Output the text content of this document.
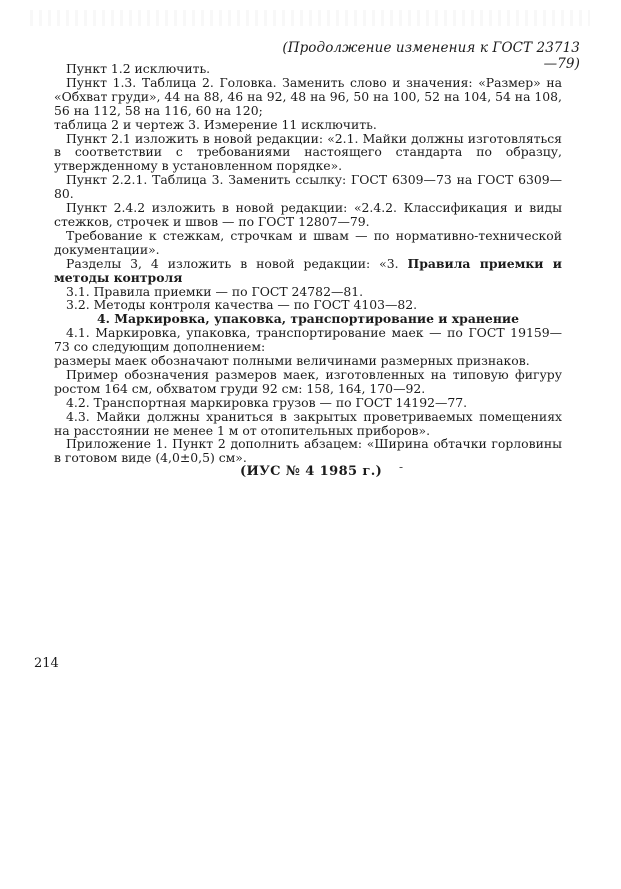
(Продолжение изменения к ГОСТ 23713—79)

Пункт 1.2 исключить.

Пункт 1.3. Таблица 2. Головка. Заменить слово и значения: «Размер» на «Обхват груди», 44 на 88, 46 на 92, 48 на 96, 50 на 100, 52 на 104, 54 на 108, 56 на 112, 58 на 116, 60 на 120;

таблица 2 и чертеж 3. Измерение 11 исключить.

Пункт 2.1 изложить в новой редакции: «2.1. Майки должны изготовляться в соответствии с требованиями настоящего стандарта по образцу, утвержденному в установленном порядке».

Пункт 2.2.1. Таблица 3. Заменить ссылку: ГОСТ 6309—73 на ГОСТ 6309—80.

Пункт 2.4.2 изложить в новой редакции: «2.4.2. Классификация и виды стежков, строчек и швов — по ГОСТ 12807—79.

Требование к стежкам, строчкам и швам — по нормативно-технической документации».

Разделы 3, 4 изложить в новой редакции: «3. Правила приемки и методы контроля

3.1. Правила приемки — по ГОСТ 24782—81.

3.2. Методы контроля качества — по ГОСТ 4103—82.

4. Маркировка, упаковка, транспортирование и хранение

4.1. Маркировка, упаковка, транспортирование маек — по ГОСТ 19159—73 со следующим дополнением:

размеры маек обозначают полными величинами размерных признаков.

Пример обозначения размеров маек, изготовленных на типовую фигуру ростом 164 см, обхватом груди 92 см: 158, 164, 170—92.

4.2. Транспортная маркировка грузов — по ГОСТ 14192—77.

4.3. Майки должны храниться в закрытых проветриваемых помещениях на расстоянии не менее 1 м от отопительных приборов».

Приложение 1. Пункт 2 дополнить абзацем: «Ширина обтачки горловины в готовом виде (4,0±0,5) см».

(ИУС № 4 1985 г.) -
214
